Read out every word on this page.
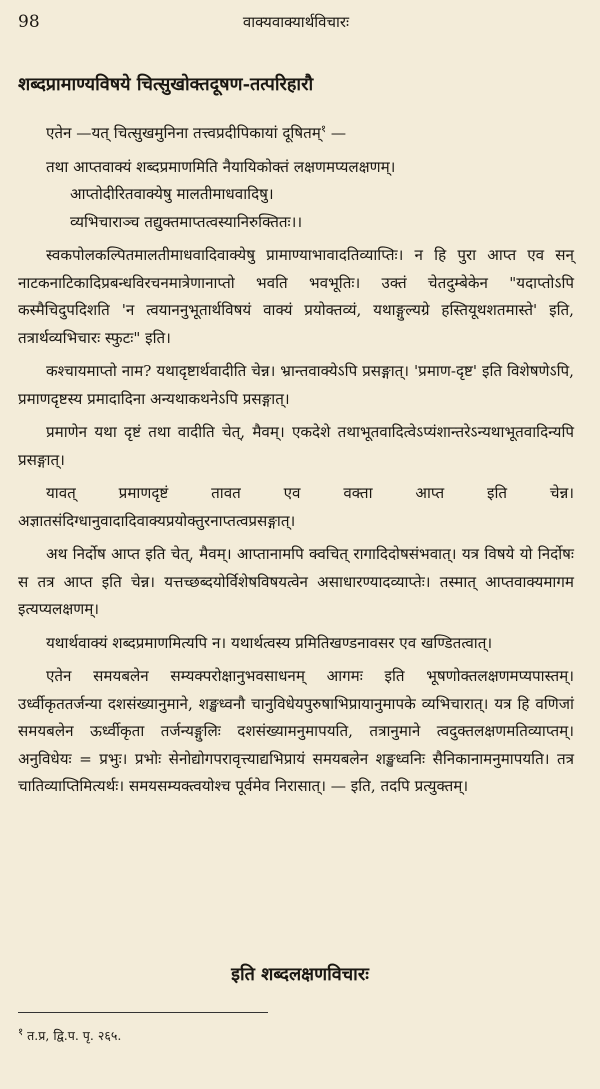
98	वाक्यवाक्यार्थविचारः
शब्दप्रामाण्यविषये चित्सुखोक्तदूषण-तत्परिहारौ

एतेन —यत् चित्सुखमुनिना तत्त्वप्रदीपिकायां दूषितम्$^१$ —

तथा आप्तवाक्यं शब्दप्रमाणमिति नैयायिकोक्तं लक्षणमप्यलक्षणम्।

आप्तोदीरितवाक्येषु मालतीमाधवादिषु।

व्यभिचाराञ्च तद्युक्तमाप्तत्वस्यानिरुक्तितः।।

स्वकपोलकल्पितमालतीमाधवादिवाक्येषु प्रामाण्याभावादतिव्याप्तिः। न हि पुरा आप्त एव सन् नाटकनाटिकादिप्रबन्धविरचनमात्रेणानाप्तो भवति भवभूतिः। उक्तं चेतदुम्बेकेन "यदाप्तोऽपि कस्मैचिदुपदिशति 'न त्वयाननुभूतार्थविषयं वाक्यं प्रयोक्तव्यं, यथाङ्गुल्यग्रे हस्तियूथशतमास्ते' इति, तत्रार्थव्यभिचारः स्फुटः" इति।

कश्चायमाप्तो नाम? यथादृष्टार्थवादीति चेन्न। भ्रान्तवाक्येऽपि प्रसङ्गात्। 'प्रमाण-दृष्ट' इति विशेषणेऽपि, प्रमाणदृष्टस्य प्रमादादिना अन्यथाकथनेऽपि प्रसङ्गात्।

प्रमाणेन यथा दृष्टं तथा वादीति चेत्, मैवम्। एकदेशे तथाभूतवादित्वेऽप्यंशान्तरेऽन्यथाभूतवादिन्यपि प्रसङ्गात्।

यावत् प्रमाणदृष्टं तावत एव वक्ता आप्त इति चेन्न। अज्ञातसंदिग्धानुवादादिवाक्यप्रयोक्तुरनाप्तत्वप्रसङ्गात्।

अथ निर्दोष आप्त इति चेत्, मैवम्। आप्तानामपि क्वचित् रागादिदोषसंभवात्। यत्र विषये यो निर्दोषः स तत्र आप्त इति चेन्न। यत्तच्छब्दयोर्विशेषविषयत्वेन असाधारण्यादव्याप्तेः। तस्मात् आप्तवाक्यमागम इत्यप्यलक्षणम्।

यथार्थवाक्यं शब्दप्रमाणमित्यपि न। यथार्थत्वस्य प्रमितिखण्डनावसर एव खण्डितत्वात्।

एतेन समयबलेन सम्यक्परोक्षानुभवसाधनम् आगमः इति भूषणोक्तलक्षणमप्यपास्तम्। उर्ध्वीकृततर्जन्या दशसंख्यानुमाने, शङ्खध्वनौ चानुविधेयपुरुषाभिप्रायानुमापके व्यभिचारात्। यत्र हि वणिजां समयबलेन ऊर्ध्वीकृता तर्जन्यङ्गुलिः दशसंख्यामनुमापयति, तत्रानुमाने त्वदुक्तलक्षणमतिव्याप्तम्। अनुविधेयः = प्रभुः। प्रभोः सेनोद्योगपरावृत्त्याद्यभिप्रायं समयबलेन शङ्खध्वनिः सैनिकानामनुमापयति। तत्र चातिव्याप्तिमित्यर्थः। समयसम्यक्त्वयोश्च पूर्वमेव निरासात्। — इति, तदपि प्रत्युक्तम्।

इति शब्दलक्षणविचारः
$^१$ त.प्र, द्वि.प. पृ. २६५.
